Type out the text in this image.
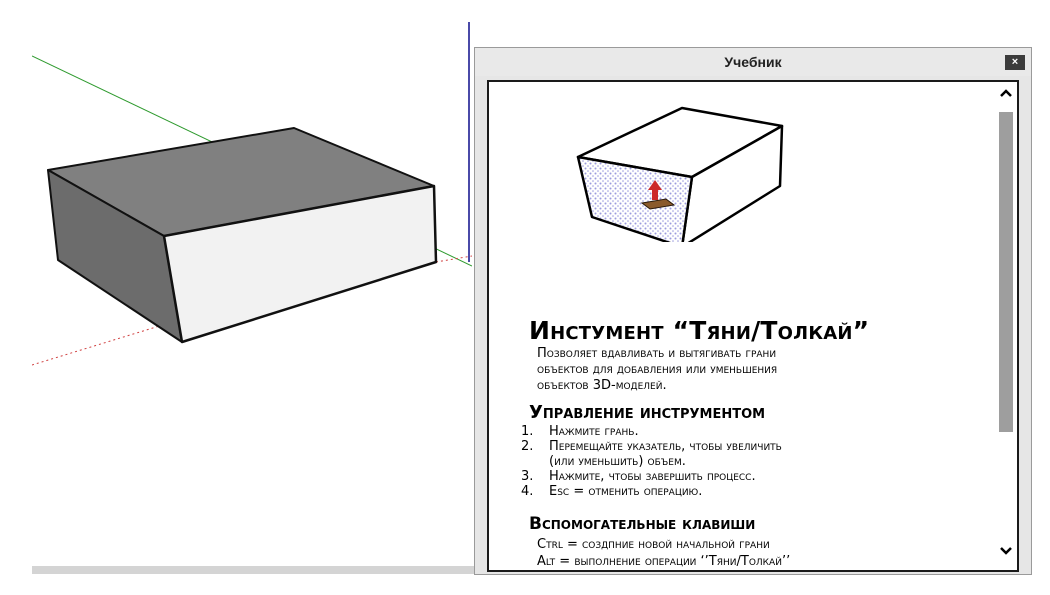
Учебник	×
Инстумент “Тяни/Толкай”
Позволяет вдавливать и вытягивать грани
объектов для добавления или уменьшения
объектов 3D-моделей.
Управление инструментом
1. Нажмите грань.
2. Перемещайте указатель, чтобы увеличить
(или уменьшить) объем.
3. Нажмите, чтобы завершить процесс.
4. Esc = отменить операцию.
Вспомогательные клавиши
Ctrl = создпние новой начальной грани
Alt = выполнение операции ‘’Тяни/Толкай’’
